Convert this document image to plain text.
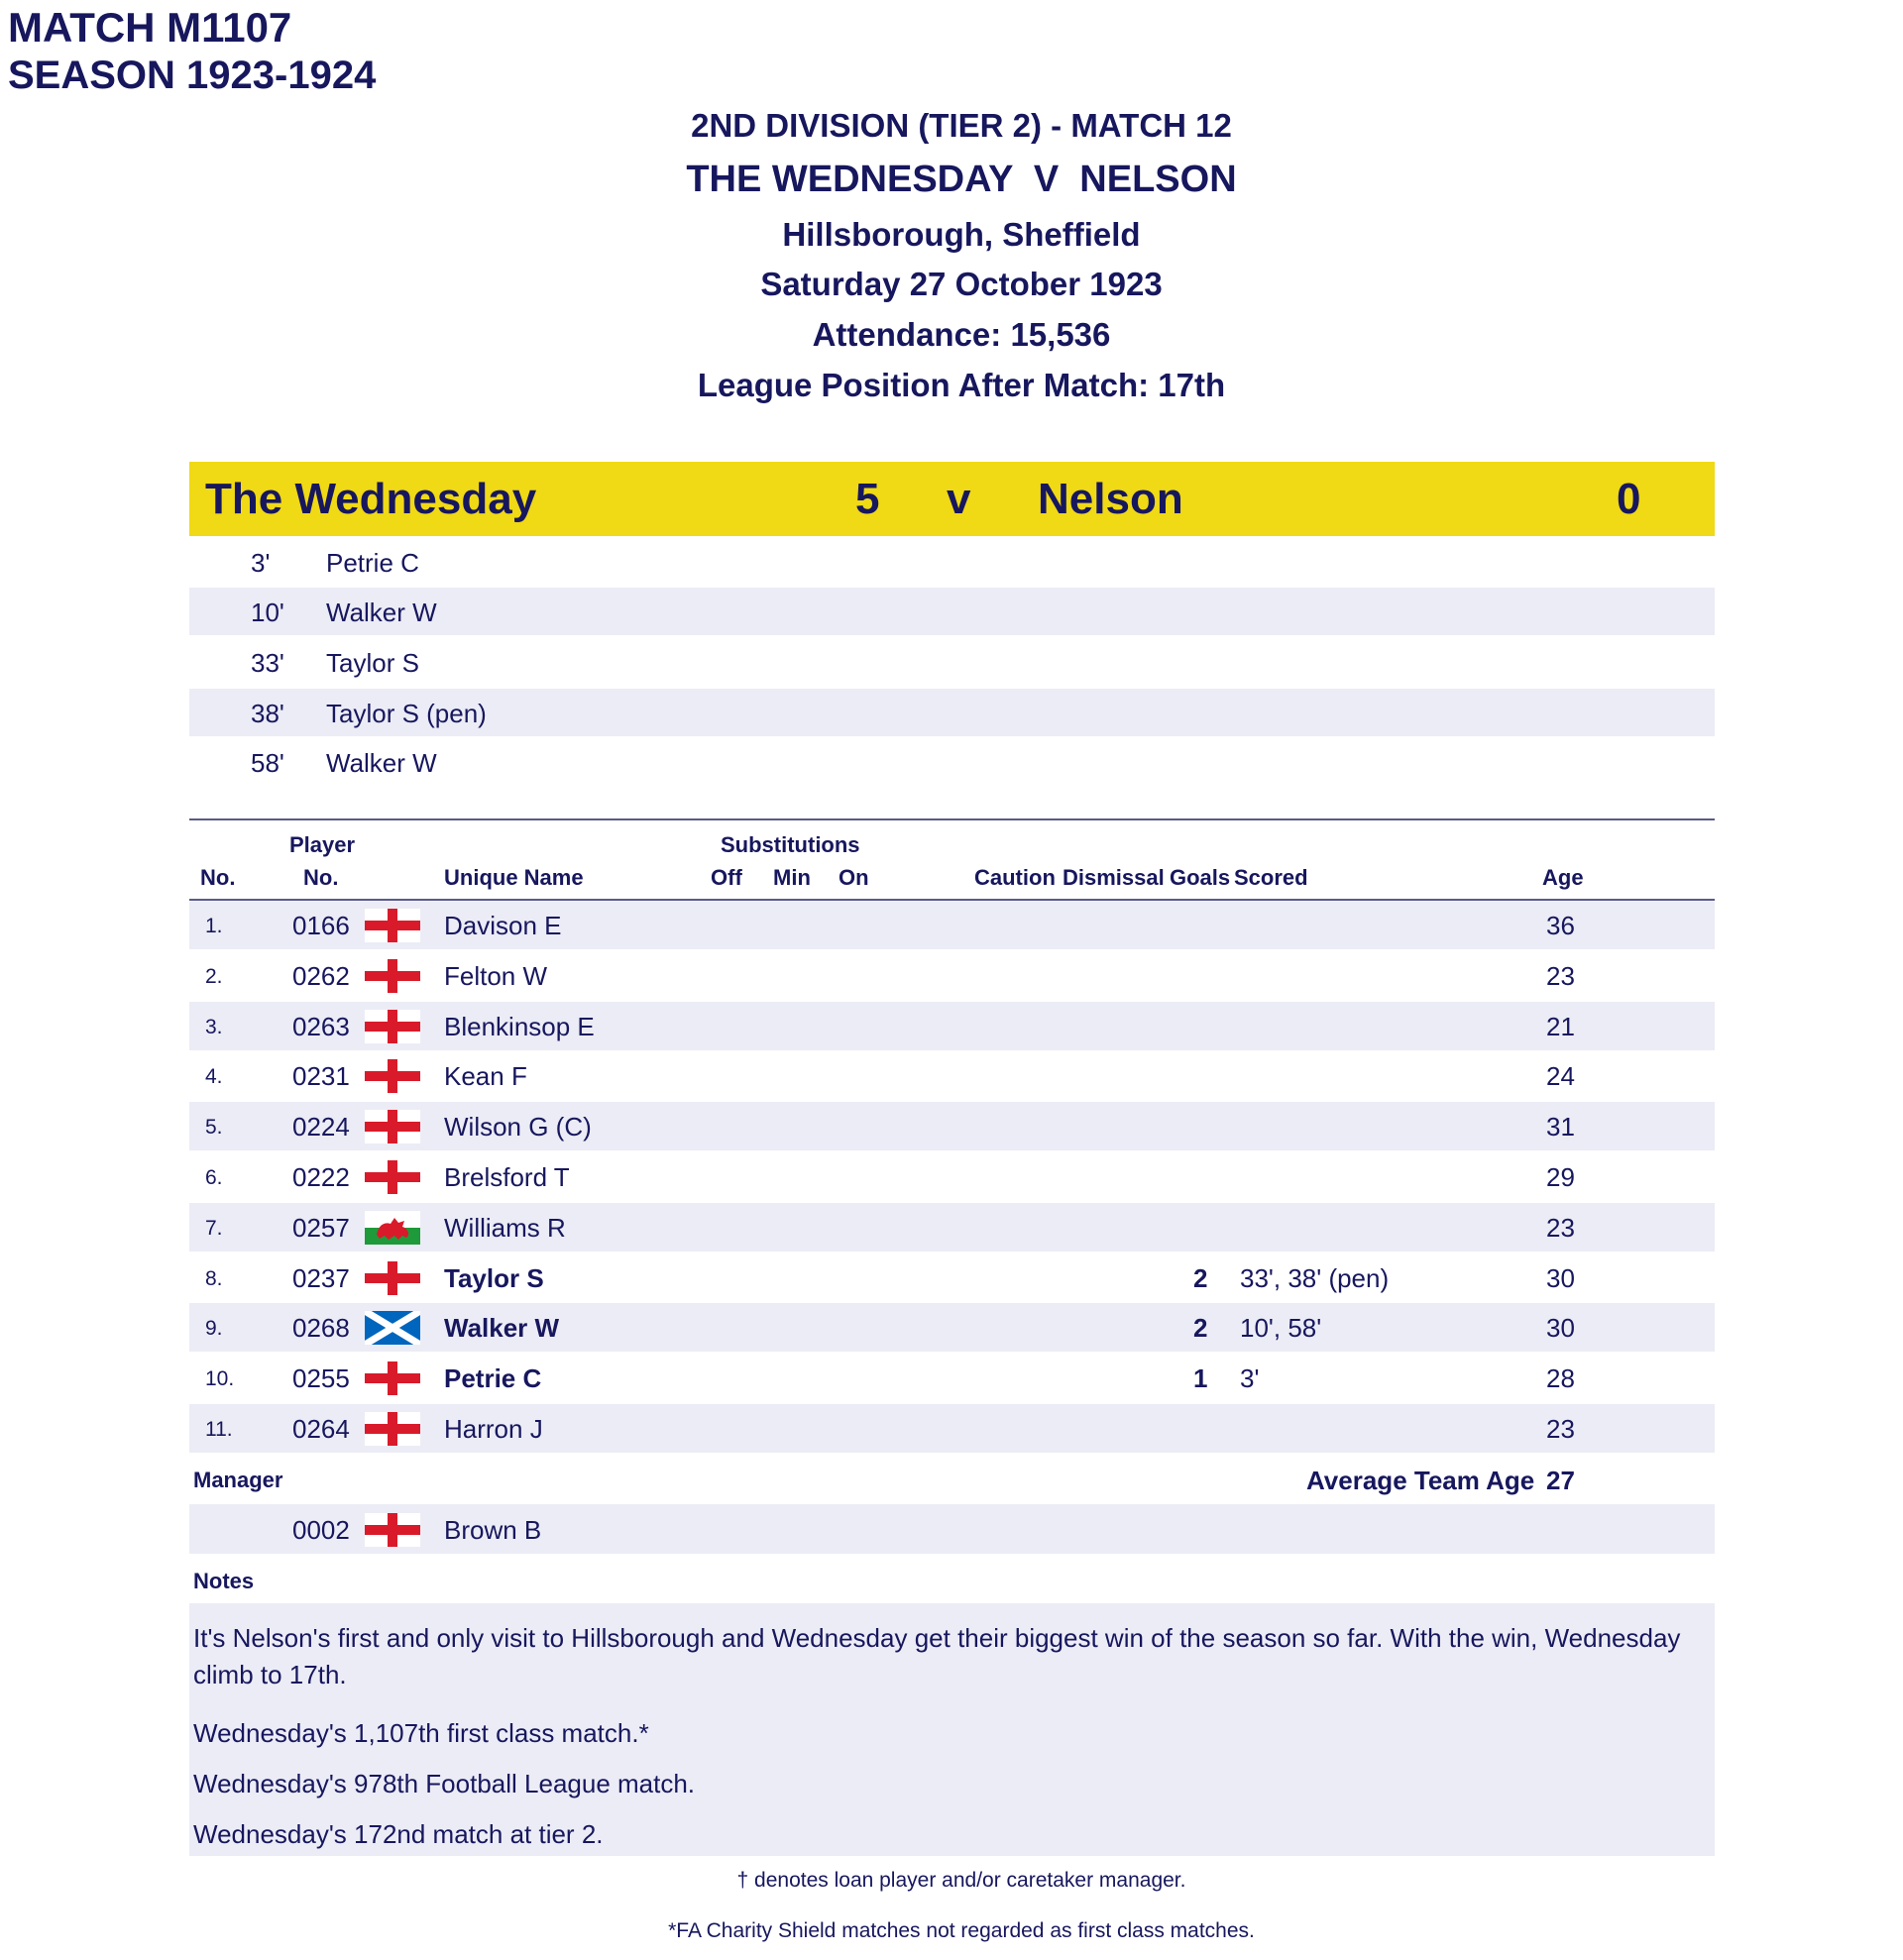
MATCH M1107
SEASON 1923-1924
2ND DIVISION (TIER 2) - MATCH 12
THE WEDNESDAY  V  NELSON
Hillsborough, Sheffield
Saturday 27 October 1923
Attendance: 15,536
League Position After Match: 17th
The Wednesday	5 v Nelson	0
3' Petrie C
10' Walker W
33' Taylor S
38' Taylor S (pen)
58' Walker W
No.
Player
No.	Unique Name
Substitutions
Off Min On	Caution Dismissal Goals Scored	Age
1.	0166	Davison E	36
2.	0262	Felton W	23
3.	0263	Blenkinsop E	21
4.	0231	Kean F	24
5.	0224	Wilson G (C)	31
6.	0222	Brelsford T	29
7.	0257	Williams R	23
8.	0237	Taylor S	2 33', 38' (pen)	30
9.	0268	Walker W	2 10', 58'	30
10. 0255	Petrie C	1 3'	28
11. 0264	Harron J	23
Manager	Average Team Age 27
0002	Brown B
Notes
It's Nelson's first and only visit to Hillsborough and Wednesday get their biggest win of the season so far. With the win, Wednesday
climb to 17th.
Wednesday's 1,107th first class match.*
Wednesday's 978th Football League match.
Wednesday's 172nd match at tier 2.
† denotes loan player and/or caretaker manager.
*FA Charity Shield matches not regarded as first class matches.
